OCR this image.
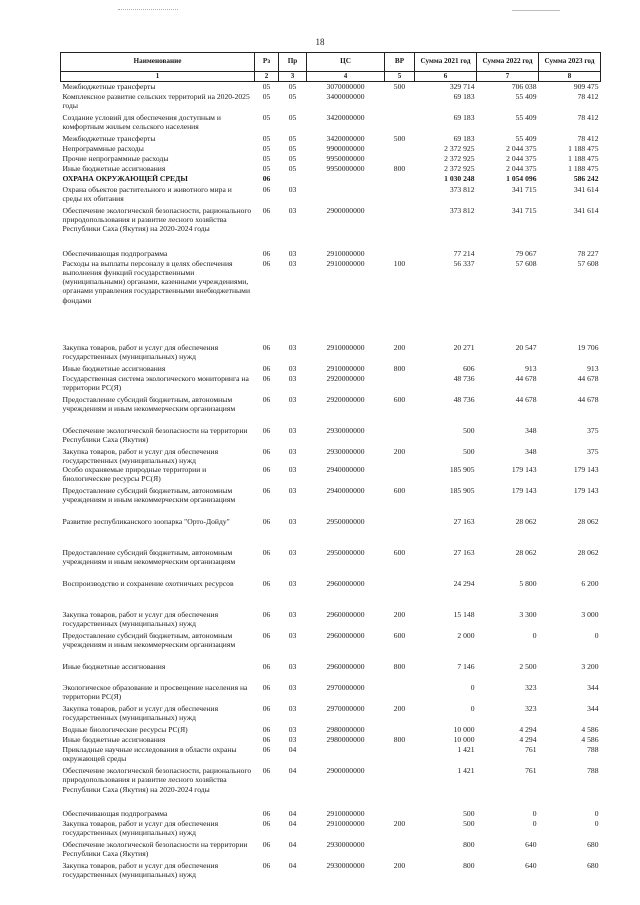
18
Наименование	Рз	Пр	ЦС	ВР	Сумма 2021 год	Сумма 2022 год	Сумма 2023 год
1	2	3	4	5	6	7	8
Межбюджетные трансферты	05	05	3070000000	500	329 714	706 038	909 475
Комплексное развитие сельских территорий на 2020-2025 годы	05	05	3400000000		69 183	55 409	78 412
Создание условий для обеспечения доступным и комфортным жильем сельского населения	05	05	3420000000		69 183	55 409	78 412
Межбюджетные трансферты	05	05	3420000000	500	69 183	55 409	78 412
Непрограммные расходы	05	05	9900000000		2 372 925	2 044 375	1 188 475
Прочие непрограммные расходы	05	05	9950000000		2 372 925	2 044 375	1 188 475
Иные бюджетные ассигнования	05	05	9950000000	800	2 372 925	2 044 375	1 188 475
ОХРАНА ОКРУЖАЮЩЕЙ СРЕДЫ	06				1 030 248	1 054 096	586 242
Охрана объектов растительного и животного мира и среды их обитания	06	03			373 812	341 715	341 614
Обеспечение экологической безопасности, рационального природопользования и развитие лесного хозяйства Республики Саха (Якутия) на 2020-2024 годы	06	03	2900000000		373 812	341 715	341 614
Обеспечивающая подпрограмма	06	03	2910000000		77 214	79 067	78 227
Расходы на выплаты персоналу в целях обеспечения выполнения функций государственными (муниципальными) органами, казенными учреждениями, органами управления государственными внебюджетными фондами	06	03	2910000000	100	56 337	57 608	57 608
Закупка товаров, работ и услуг для обеспечения государственных (муниципальных) нужд	06	03	2910000000	200	20 271	20 547	19 706
Иные бюджетные ассигнования	06	03	2910000000	800	606	913	913
Государственная система экологического мониторинга на территории РС(Я)	06	03	2920000000		48 736	44 678	44 678
Предоставление субсидий бюджетным, автономным учреждениям и иным некоммерческим организациям	06	03	2920000000	600	48 736	44 678	44 678
Обеспечение экологической безопасности на территории Республики Саха (Якутия)	06	03	2930000000		500	348	375
Закупка товаров, работ и услуг для обеспечения государственных (муниципальных) нужд	06	03	2930000000	200	500	348	375
Особо охраняемые природные территории и биологические ресурсы РС(Я)	06	03	2940000000		185 905	179 143	179 143
Предоставление субсидий бюджетным, автономным учреждениям и иным некоммерческим организациям	06	03	2940000000	600	185 905	179 143	179 143
Развитие республиканского зоопарка "Орто-Дойду"	06	03	2950000000		27 163	28 062	28 062
Предоставление субсидий бюджетным, автономным учреждениям и иным некоммерческим организациям	06	03	2950000000	600	27 163	28 062	28 062
Воспроизводство и сохранение охотничьих ресурсов	06	03	2960000000		24 294	5 800	6 200
Закупка товаров, работ и услуг для обеспечения государственных (муниципальных) нужд	06	03	2960000000	200	15 148	3 300	3 000
Предоставление субсидий бюджетным, автономным учреждениям и иным некоммерческим организациям	06	03	2960000000	600	2 000	0	0
Иные бюджетные ассигнования	06	03	2960000000	800	7 146	2 500	3 200
Экологическое образование и просвещение населения на территории РС(Я)	06	03	2970000000		0	323	344
Закупка товаров, работ и услуг для обеспечения государственных (муниципальных) нужд	06	03	2970000000	200	0	323	344
Водные биологические ресурсы РС(Я)	06	03	2980000000		10 000	4 294	4 586
Иные бюджетные ассигнования	06	03	2980000000	800	10 000	4 294	4 586
Прикладные научные исследования в области охраны окружающей среды	06	04			1 421	761	788
Обеспечение экологической безопасности, рационального природопользования и развитие лесного хозяйства Республики Саха (Якутия) на 2020-2024 годы	06	04	2900000000		1 421	761	788
Обеспечивающая подпрограмма	06	04	2910000000		500	0	0
Закупка товаров, работ и услуг для обеспечения государственных (муниципальных) нужд	06	04	2910000000	200	500	0	0
Обеспечение экологической безопасности на территории Республики Саха (Якутия)	06	04	2930000000		800	640	680
Закупка товаров, работ и услуг для обеспечения государственных (муниципальных) нужд	06	04	2930000000	200	800	640	680
